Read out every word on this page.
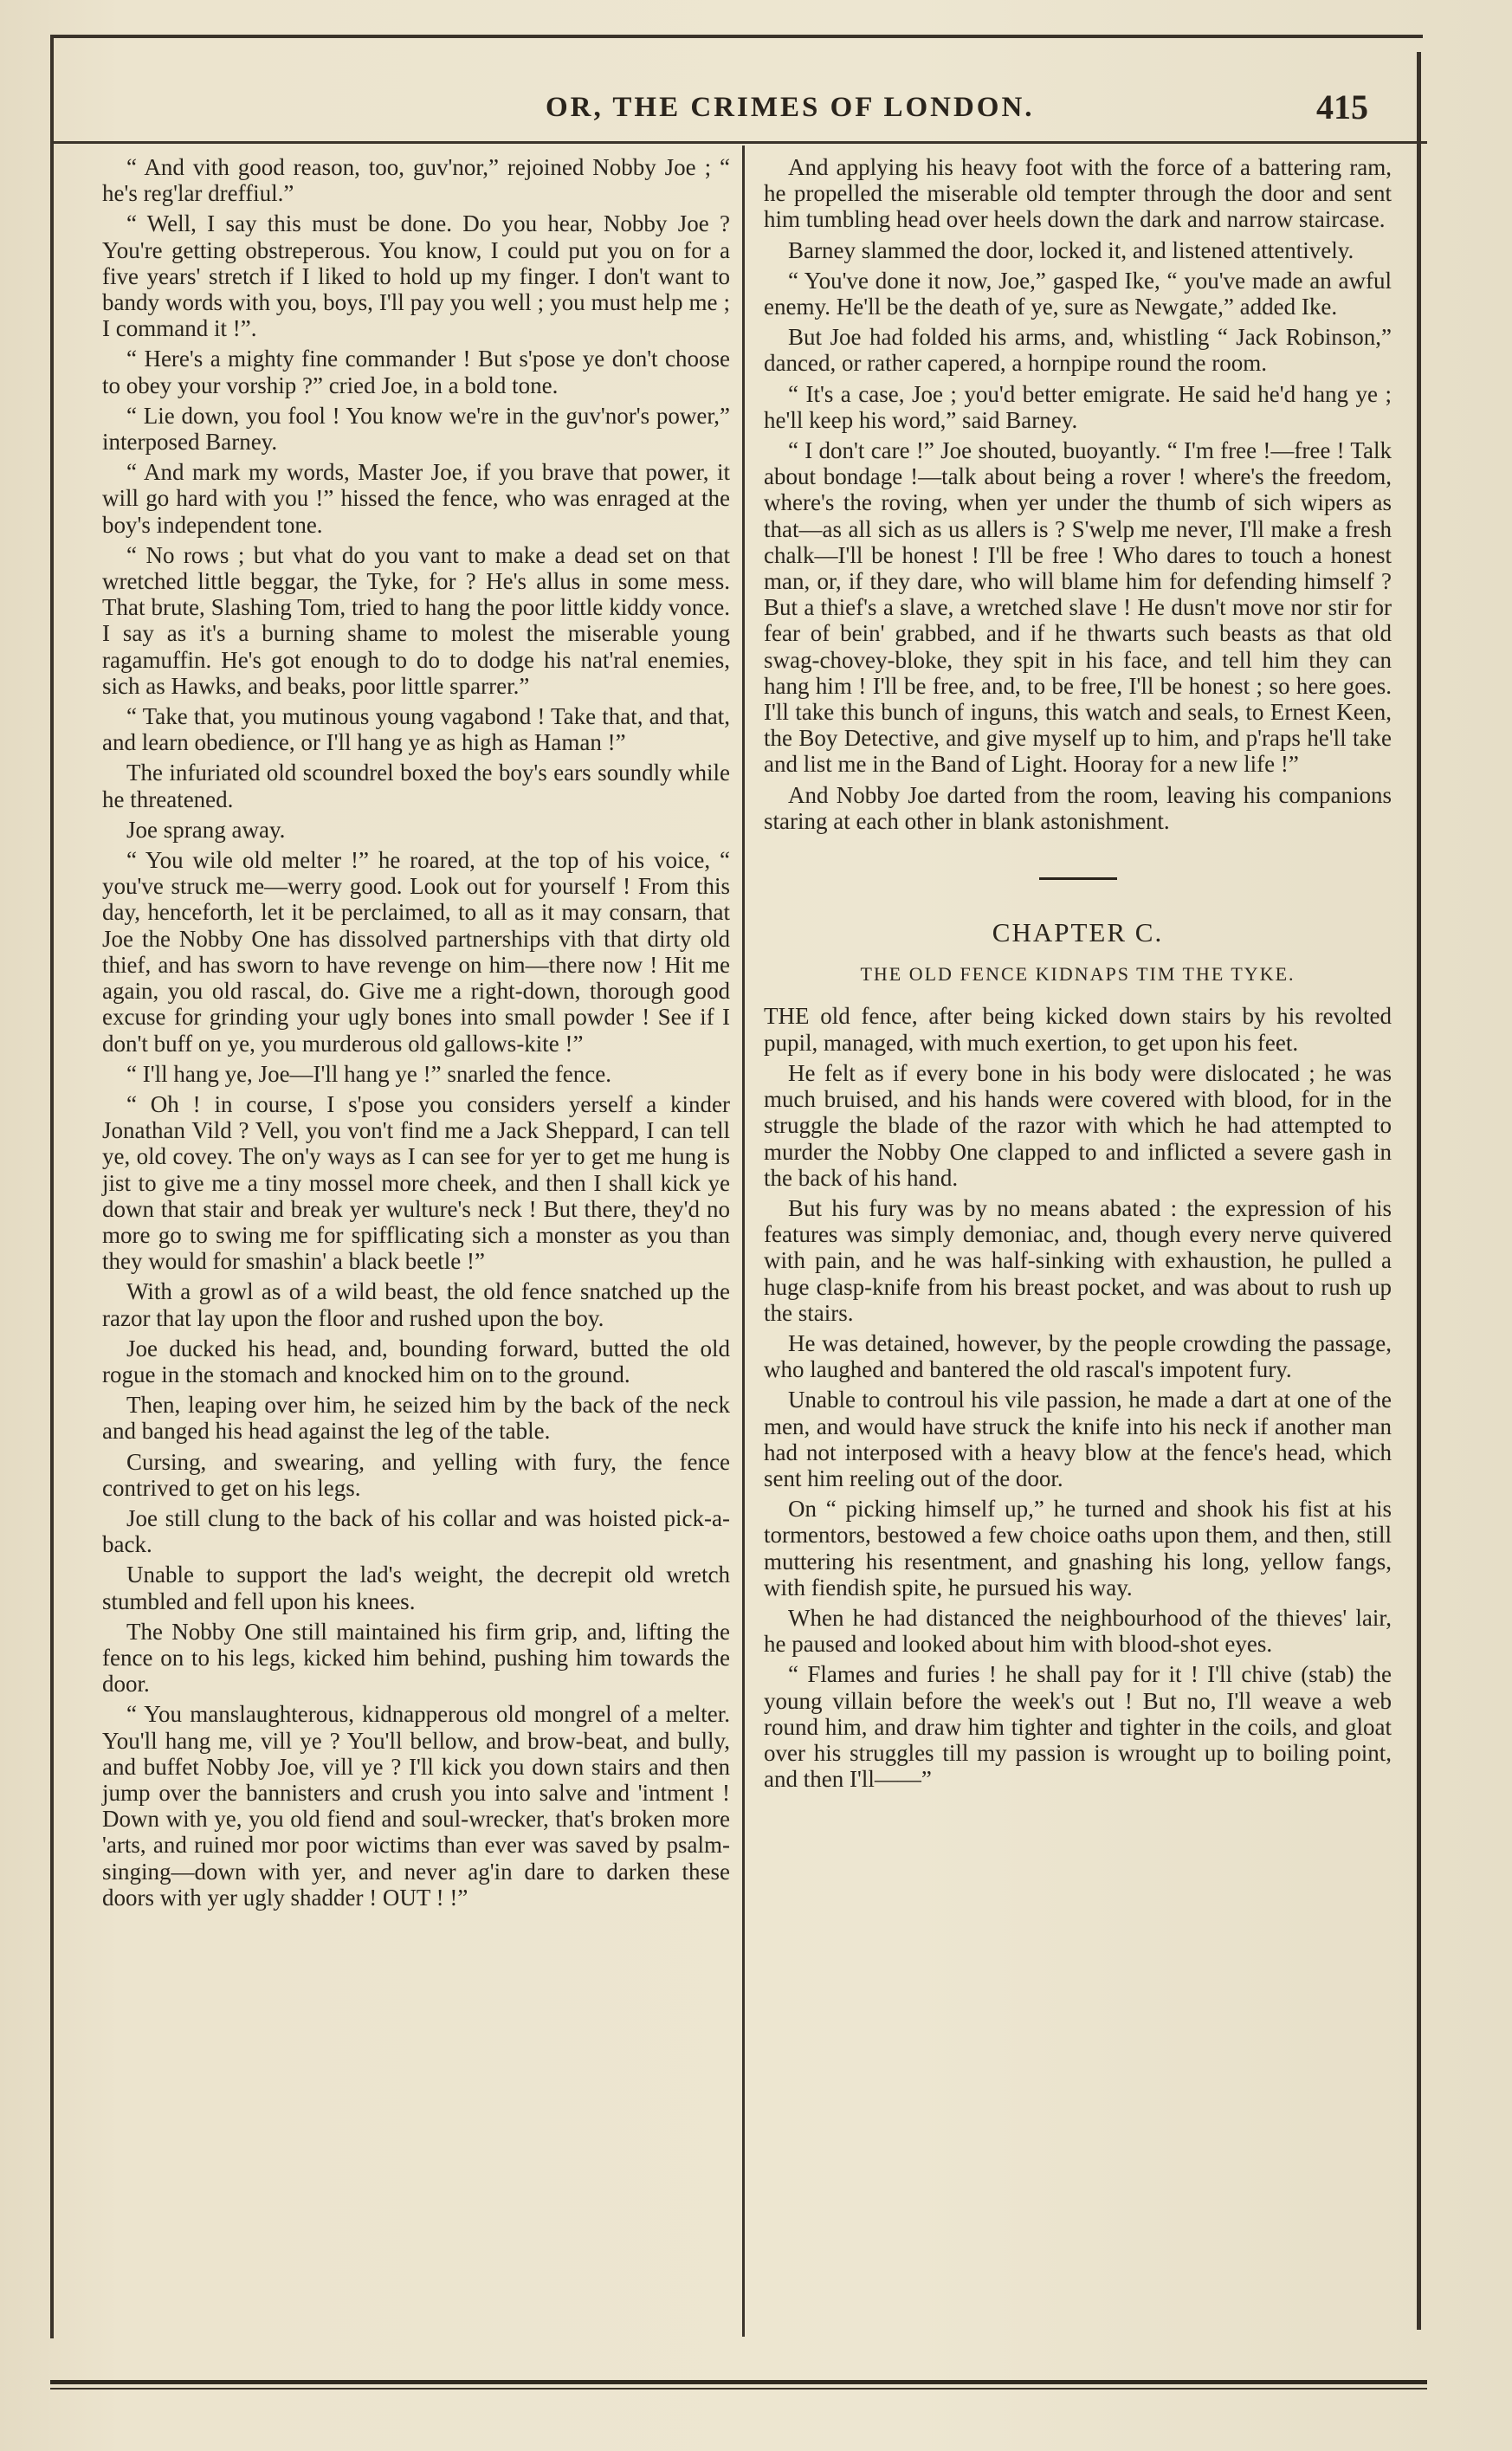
OR, THE CRIMES OF LONDON.	415

“ And vith good reason, too, guv'nor,” rejoined Nobby Joe ; “ he's reg'lar dreffiul.”

“ Well, I say this must be done. Do you hear, Nobby Joe ? You're getting obstreperous. You know, I could put you on for a five years' stretch if I liked to hold up my finger. I don't want to bandy words with you, boys, I'll pay you well ; you must help me ; I command it !”.

“ Here's a mighty fine commander ! But s'pose ye don't choose to obey your vorship ?” cried Joe, in a bold tone.

“ Lie down, you fool ! You know we're in the guv'nor's power,” interposed Barney.

“ And mark my words, Master Joe, if you brave that power, it will go hard with you !” hissed the fence, who was enraged at the boy's independent tone.

“ No rows ; but vhat do you vant to make a dead set on that wretched little beggar, the Tyke, for ? He's allus in some mess. That brute, Slashing Tom, tried to hang the poor little kiddy vonce. I say as it's a burning shame to molest the miserable young ragamuffin. He's got enough to do to dodge his nat'ral enemies, sich as Hawks, and beaks, poor little sparrer.”

“ Take that, you mutinous young vagabond ! Take that, and that, and learn obedience, or I'll hang ye as high as Haman !”

The infuriated old scoundrel boxed the boy's ears soundly while he threatened.

Joe sprang away.

“ You wile old melter !” he roared, at the top of his voice, “ you've struck me—werry good. Look out for yourself ! From this day, henceforth, let it be perclaimed, to all as it may consarn, that Joe the Nobby One has dissolved partnerships vith that dirty old thief, and has sworn to have revenge on him—there now ! Hit me again, you old rascal, do. Give me a right-down, thorough good excuse for grinding your ugly bones into small powder ! See if I don't buff on ye, you murderous old gallows-kite !”

“ I'll hang ye, Joe—I'll hang ye !” snarled the fence.

“ Oh ! in course, I s'pose you considers yerself a kinder Jonathan Vild ? Vell, you von't find me a Jack Sheppard, I can tell ye, old covey. The on'y ways as I can see for yer to get me hung is jist to give me a tiny mossel more cheek, and then I shall kick ye down that stair and break yer wulture's neck ! But there, they'd no more go to swing me for spifflicating sich a monster as you than they would for smashin' a black beetle !”

With a growl as of a wild beast, the old fence snatched up the razor that lay upon the floor and rushed upon the boy.

Joe ducked his head, and, bounding forward, butted the old rogue in the stomach and knocked him on to the ground.

Then, leaping over him, he seized him by the back of the neck and banged his head against the leg of the table.

Cursing, and swearing, and yelling with fury, the fence contrived to get on his legs.

Joe still clung to the back of his collar and was hoisted pick-a-back.

Unable to support the lad's weight, the decrepit old wretch stumbled and fell upon his knees.

The Nobby One still maintained his firm grip, and, lifting the fence on to his legs, kicked him behind, pushing him towards the door.

“ You manslaughterous, kidnapperous old mongrel of a melter. You'll hang me, vill ye ? You'll bellow, and brow-beat, and bully, and buffet Nobby Joe, vill ye ? I'll kick you down stairs and then jump over the bannisters and crush you into salve and 'intment ! Down with ye, you old fiend and soul-wrecker, that's broken more 'arts, and ruined mor poor wictims than ever was saved by psalm-singing—down with yer, and never ag'in dare to darken these doors with yer ugly shadder ! OUT ! !”

And applying his heavy foot with the force of a battering ram, he propelled the miserable old tempter through the door and sent him tumbling head over heels down the dark and narrow staircase.

Barney slammed the door, locked it, and listened attentively.

“ You've done it now, Joe,” gasped Ike, “ you've made an awful enemy. He'll be the death of ye, sure as Newgate,” added Ike.

But Joe had folded his arms, and, whistling “ Jack Robinson,” danced, or rather capered, a hornpipe round the room.

“ It's a case, Joe ; you'd better emigrate. He said he'd hang ye ; he'll keep his word,” said Barney.

“ I don't care !” Joe shouted, buoyantly. “ I'm free !—free ! Talk about bondage !—talk about being a rover ! where's the freedom, where's the roving, when yer under the thumb of sich wipers as that—as all sich as us allers is ? S'welp me never, I'll make a fresh chalk—I'll be honest ! I'll be free ! Who dares to touch a honest man, or, if they dare, who will blame him for defending himself ? But a thief's a slave, a wretched slave ! He dusn't move nor stir for fear of bein' grabbed, and if he thwarts such beasts as that old swag-chovey-bloke, they spit in his face, and tell him they can hang him ! I'll be free, and, to be free, I'll be honest ; so here goes. I'll take this bunch of inguns, this watch and seals, to Ernest Keen, the Boy Detective, and give myself up to him, and p'raps he'll take and list me in the Band of Light. Hooray for a new life !”

And Nobby Joe darted from the room, leaving his companions staring at each other in blank astonishment.

CHAPTER C.
THE OLD FENCE KIDNAPS TIM THE TYKE.

THE old fence, after being kicked down stairs by his revolted pupil, managed, with much exertion, to get upon his feet.

He felt as if every bone in his body were dislocated ; he was much bruised, and his hands were covered with blood, for in the struggle the blade of the razor with which he had attempted to murder the Nobby One clapped to and inflicted a severe gash in the back of his hand.

But his fury was by no means abated : the expression of his features was simply demoniac, and, though every nerve quivered with pain, and he was half-sinking with exhaustion, he pulled a huge clasp-knife from his breast pocket, and was about to rush up the stairs.

He was detained, however, by the people crowding the passage, who laughed and bantered the old rascal's impotent fury.

Unable to controul his vile passion, he made a dart at one of the men, and would have struck the knife into his neck if another man had not interposed with a heavy blow at the fence's head, which sent him reeling out of the door.

On “ picking himself up,” he turned and shook his fist at his tormentors, bestowed a few choice oaths upon them, and then, still muttering his resentment, and gnashing his long, yellow fangs, with fiendish spite, he pursued his way.

When he had distanced the neighbourhood of the thieves' lair, he paused and looked about him with blood-shot eyes.

“ Flames and furies ! he shall pay for it ! I'll chive (stab) the young villain before the week's out ! But no, I'll weave a web round him, and draw him tighter and tighter in the coils, and gloat over his struggles till my passion is wrought up to boiling point, and then I'll——”
